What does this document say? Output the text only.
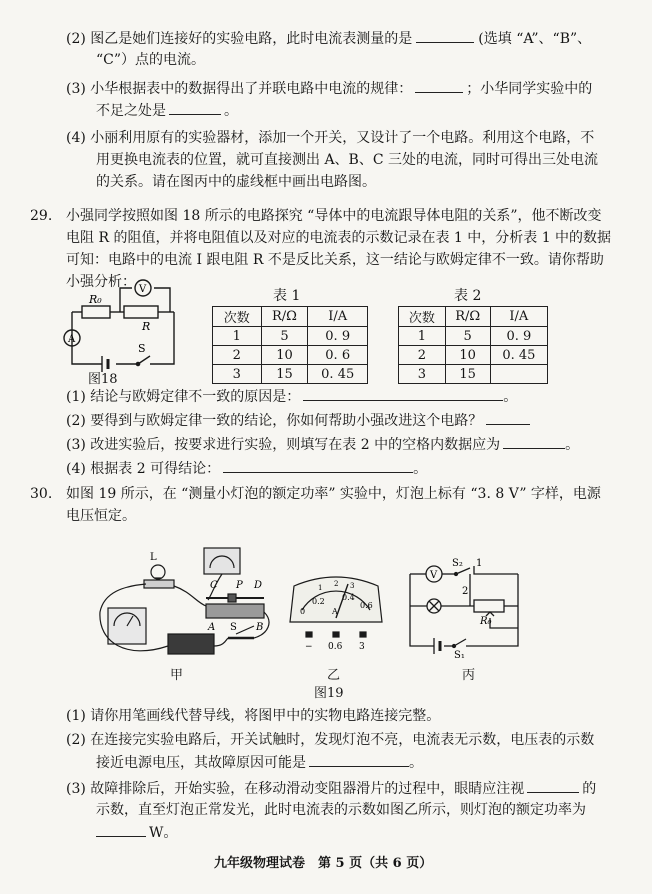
(2) 图乙是她们连接好的实验电路，此时电流表测量的是	(选填 “A”、“B”、
“C”）点的电流。
(3) 小华根据表中的数据得出了并联电路中电流的规律：	；小华同学实验中的
不足之处是	。
(4) 小丽利用原有的实验器材，添加一个开关，又设计了一个电路。利用这个电路，不
用更换电流表的位置，就可直接测出 A、B、C 三处的电流，同时可得出三处电流
的关系。请在图丙中的虚线框中画出电路图。
29. 小强同学按照如图 18 所示的电路探究 “导体中的电流跟导体电阻的关系”，他不断改变
电阻 R 的阻值，并将电阻值以及对应的电流表的示数记录在表 1 中，分析表 1 中的数据
可知：电路中的电流 I 跟电阻 R 不是反比关系，这一结论与欧姆定律不一致。请你帮助
小强分析： V
A
R₀
R
S
图18
表 1
次数	R/Ω	I/A
1	5	0. 9
2	10	0. 6
3	15	0. 45
表 2
次数	R/Ω	I/A
1	5	0. 9
2	10	0. 45
3	15	
(1) 结论与欧姆定律不一致的原因是：	。
(2) 要得到与欧姆定律一致的结论，你如何帮助小强改进这个电路？
(3) 改进实验后，按要求进行实验，则填写在表 2 中的空格内数据应为	。
(4) 根据表 2 可得结论：	。
30. 如图 19 所示，在 “测量小灯泡的额定功率” 实验中，灯泡上标有 “3. 8 V” 字样，电源
电压恒定。
L
C P D
A	B
S
0
0.2 0.4
0.6
1 2 3
A
− 0.6 3
V
S₂ 1
2
R₀
S₁
甲	乙	丙
图19
(1) 请你用笔画线代替导线，将图甲中的实物电路连接完整。
(2) 在连接完实验电路后，开关试触时，发现灯泡不亮，电流表无示数，电压表的示数
接近电源电压，其故障原因可能是	。
(3) 故障排除后，开始实验，在移动滑动变阻器滑片的过程中，眼睛应注视	的
示数，直至灯泡正常发光，此时电流表的示数如图乙所示，则灯泡的额定功率为
W。
九年级物理试卷　第 5 页（共 6 页）
